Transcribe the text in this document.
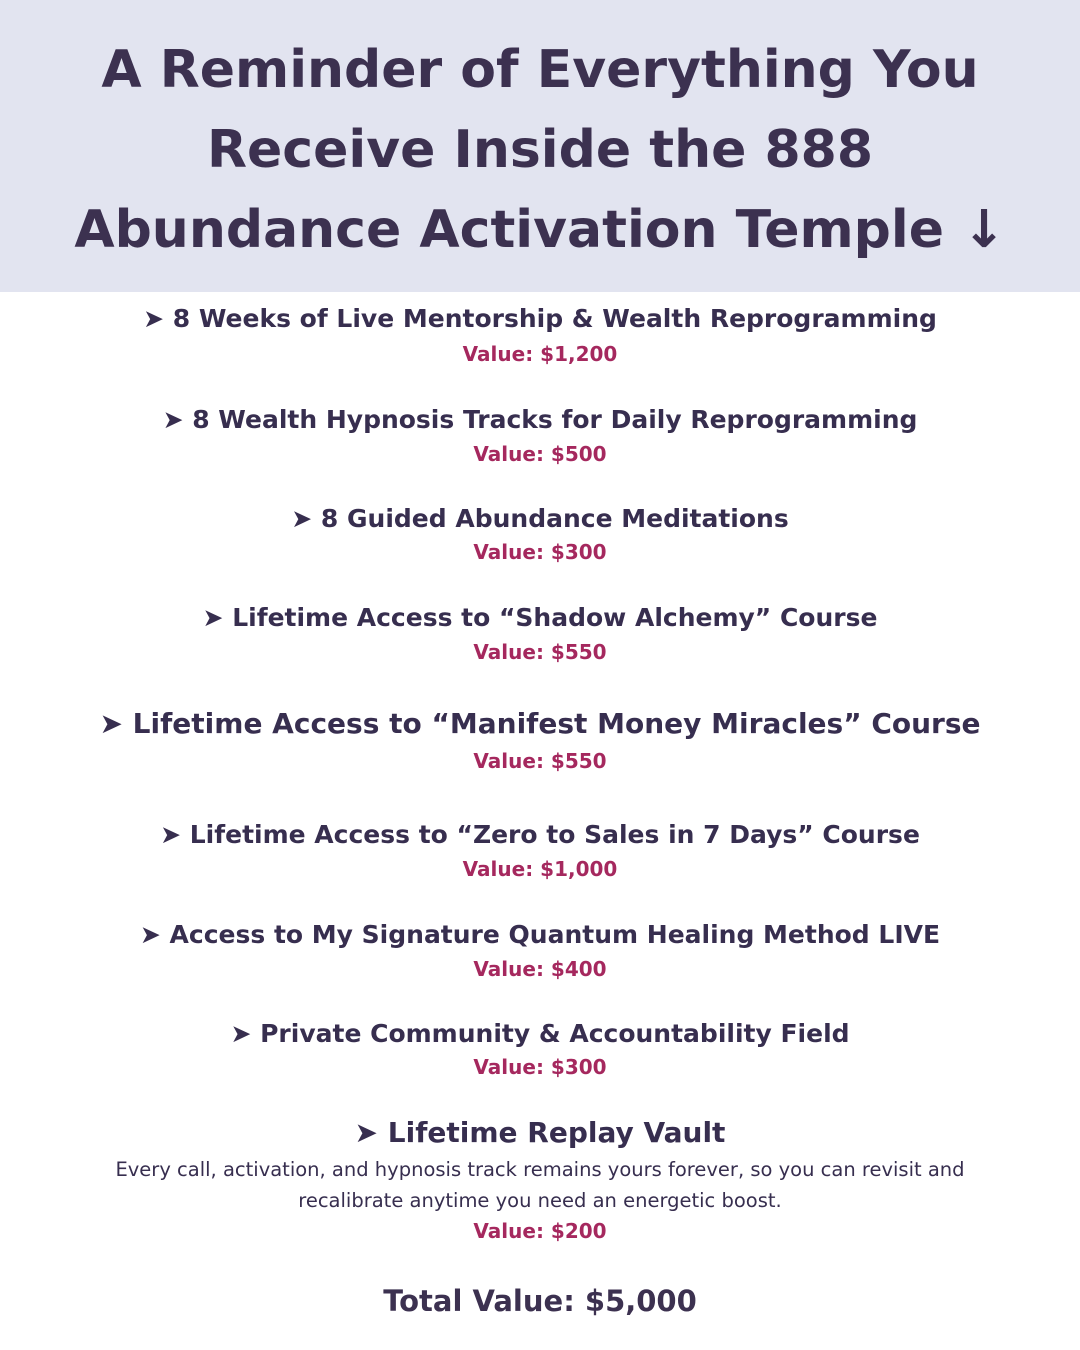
A Reminder of Everything You
Receive Inside the 888
Abundance Activation Temple ↓
➤ 8 Weeks of Live Mentorship & Wealth Reprogramming
Value: $1,200
➤ 8 Wealth Hypnosis Tracks for Daily Reprogramming
Value: $500
➤ 8 Guided Abundance Meditations
Value: $300
➤ Lifetime Access to “Shadow Alchemy” Course
Value: $550
➤ Lifetime Access to “Manifest Money Miracles” Course
Value: $550
➤ Lifetime Access to “Zero to Sales in 7 Days” Course
Value: $1,000
➤ Access to My Signature Quantum Healing Method LIVE
Value: $400
➤ Private Community & Accountability Field
Value: $300
➤ Lifetime Replay Vault
Every call, activation, and hypnosis track remains yours forever, so you can revisit and
recalibrate anytime you need an energetic boost.
Value: $200
Total Value: $5,000
